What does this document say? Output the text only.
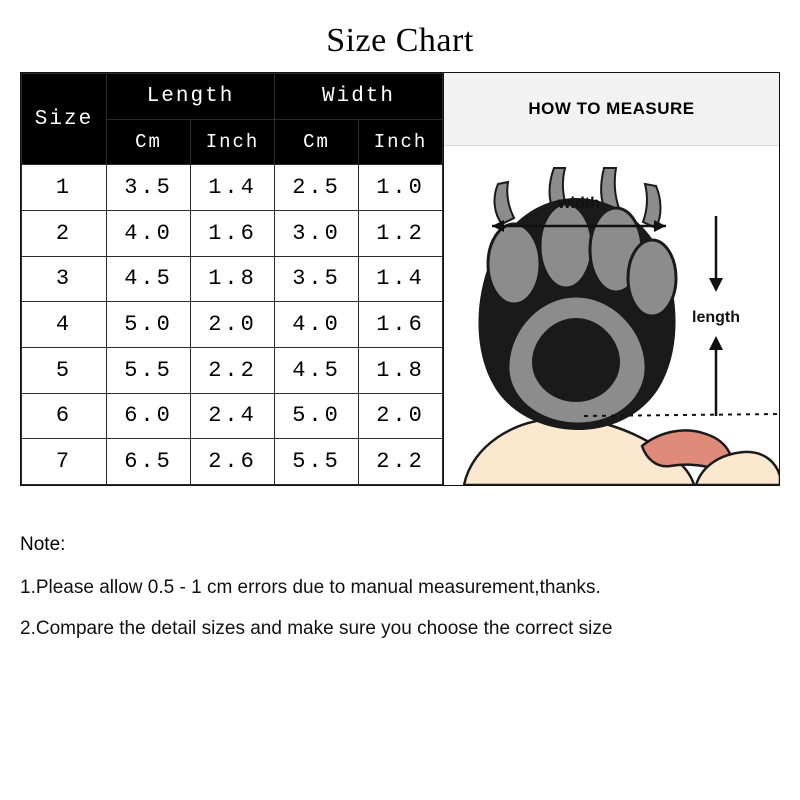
Size Chart
Size	Length		Width	
	Cm	Inch	Cm	Inch
1	3.5	1.4	2.5	1.0
2	4.0	1.6	3.0	1.2
3	4.5	1.8	3.5	1.4
4	5.0	2.0	4.0	1.6
5	5.5	2.2	4.5	1.8
6	6.0	2.4	5.0	2.0
7	6.5	2.6	5.5	2.2
HOW TO MEASURE
width
length
Note:
1.Please allow 0.5 - 1 cm errors due to manual measurement,thanks.
2.Compare the detail sizes and make sure you choose the correct size
